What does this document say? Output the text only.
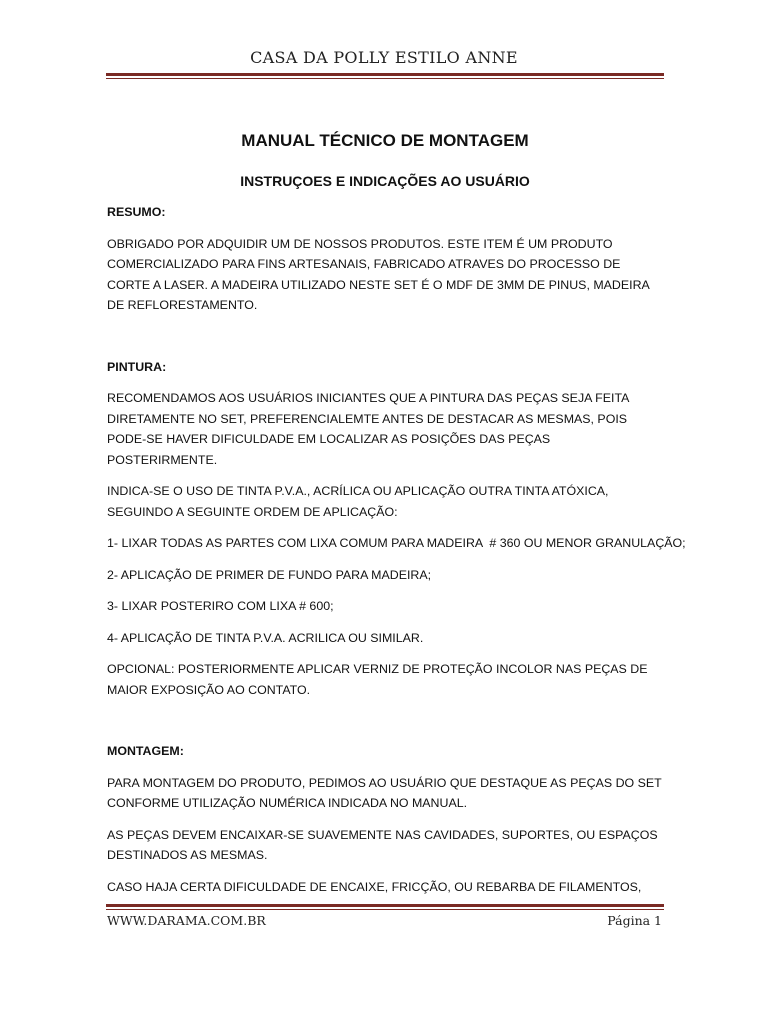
CASA DA POLLY ESTILO ANNE
MANUAL TÉCNICO DE MONTAGEM
INSTRUÇOES E INDICAÇÕES AO USUÁRIO
RESUMO:

OBRIGADO POR ADQUIDIR UM DE NOSSOS PRODUTOS. ESTE ITEM É UM PRODUTO COMERCIALIZADO PARA FINS ARTESANAIS, FABRICADO ATRAVES DO PROCESSO DE CORTE A LASER. A MADEIRA UTILIZADO NESTE SET É O MDF DE 3MM DE PINUS, MADEIRA DE REFLORESTAMENTO.

PINTURA:

RECOMENDAMOS AOS USUÁRIOS INICIANTES QUE A PINTURA DAS PEÇAS SEJA FEITA DIRETAMENTE NO SET, PREFERENCIALEMTE ANTES DE DESTACAR AS MESMAS, POIS PODE-SE HAVER DIFICULDADE EM LOCALIZAR AS POSIÇÕES DAS PEÇAS POSTERIRMENTE.

INDICA-SE O USO DE TINTA P.V.A., ACRÍLICA OU APLICAÇÃO OUTRA TINTA ATÓXICA, SEGUINDO A SEGUINTE ORDEM DE APLICAÇÃO:

1- LIXAR TODAS AS PARTES COM LIXA COMUM PARA MADEIRA  # 360 OU MENOR GRANULAÇÃO;

2- APLICAÇÃO DE PRIMER DE FUNDO PARA MADEIRA;

3- LIXAR POSTERIRO COM LIXA # 600;

4- APLICAÇÃO DE TINTA P.V.A. ACRILICA OU SIMILAR.

OPCIONAL: POSTERIORMENTE APLICAR VERNIZ DE PROTEÇÃO INCOLOR NAS PEÇAS DE MAIOR EXPOSIÇÃO AO CONTATO.

MONTAGEM:

PARA MONTAGEM DO PRODUTO, PEDIMOS AO USUÁRIO QUE DESTAQUE AS PEÇAS DO SET CONFORME UTILIZAÇÃO NUMÉRICA INDICADA NO MANUAL.

AS PEÇAS DEVEM ENCAIXAR-SE SUAVEMENTE NAS CAVIDADES, SUPORTES, OU ESPAÇOS DESTINADOS AS MESMAS.

CASO HAJA CERTA DIFICULDADE DE ENCAIXE, FRICÇÃO, OU REBARBA DE FILAMENTOS,

WWW.DARAMA.COM.BR	Página 1
